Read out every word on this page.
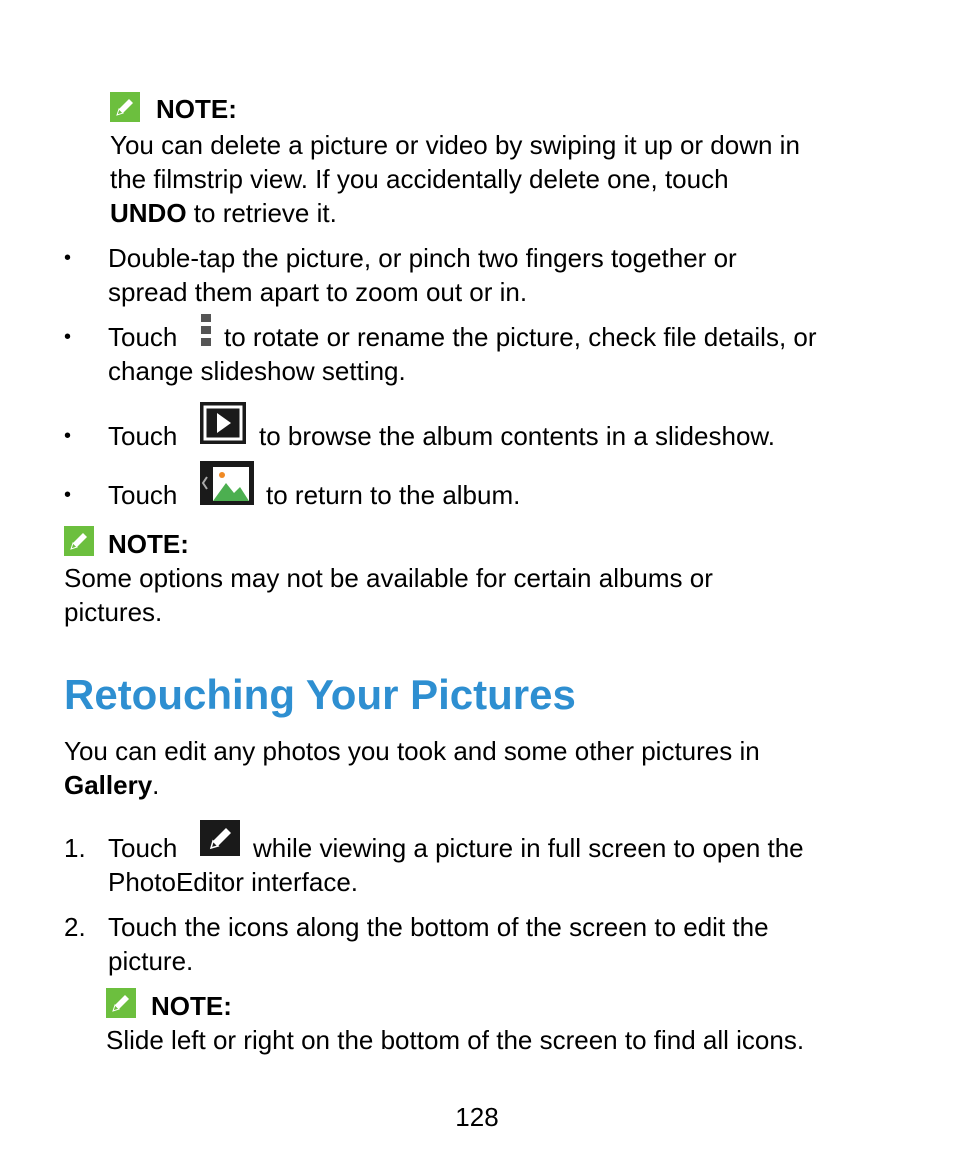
NOTE:
You can delete a picture or video by swiping it up or down in
the filmstrip view. If you accidentally delete one, touch
UNDO to retrieve it.
• Double-tap the picture, or pinch two fingers together or
spread them apart to zoom out or in.
• Touch to rotate or rename the picture, check file details, or
change slideshow setting.
• Touch	to browse the album contents in a slideshow.
• Touch	to return to the album.
NOTE:
Some options may not be available for certain albums or
pictures.
Retouching Your Pictures
You can edit any photos you took and some other pictures in
Gallery.
1. Touch	while viewing a picture in full screen to open the
PhotoEditor interface.
2. Touch the icons along the bottom of the screen to edit the
picture.
NOTE:
Slide left or right on the bottom of the screen to find all icons.
128
